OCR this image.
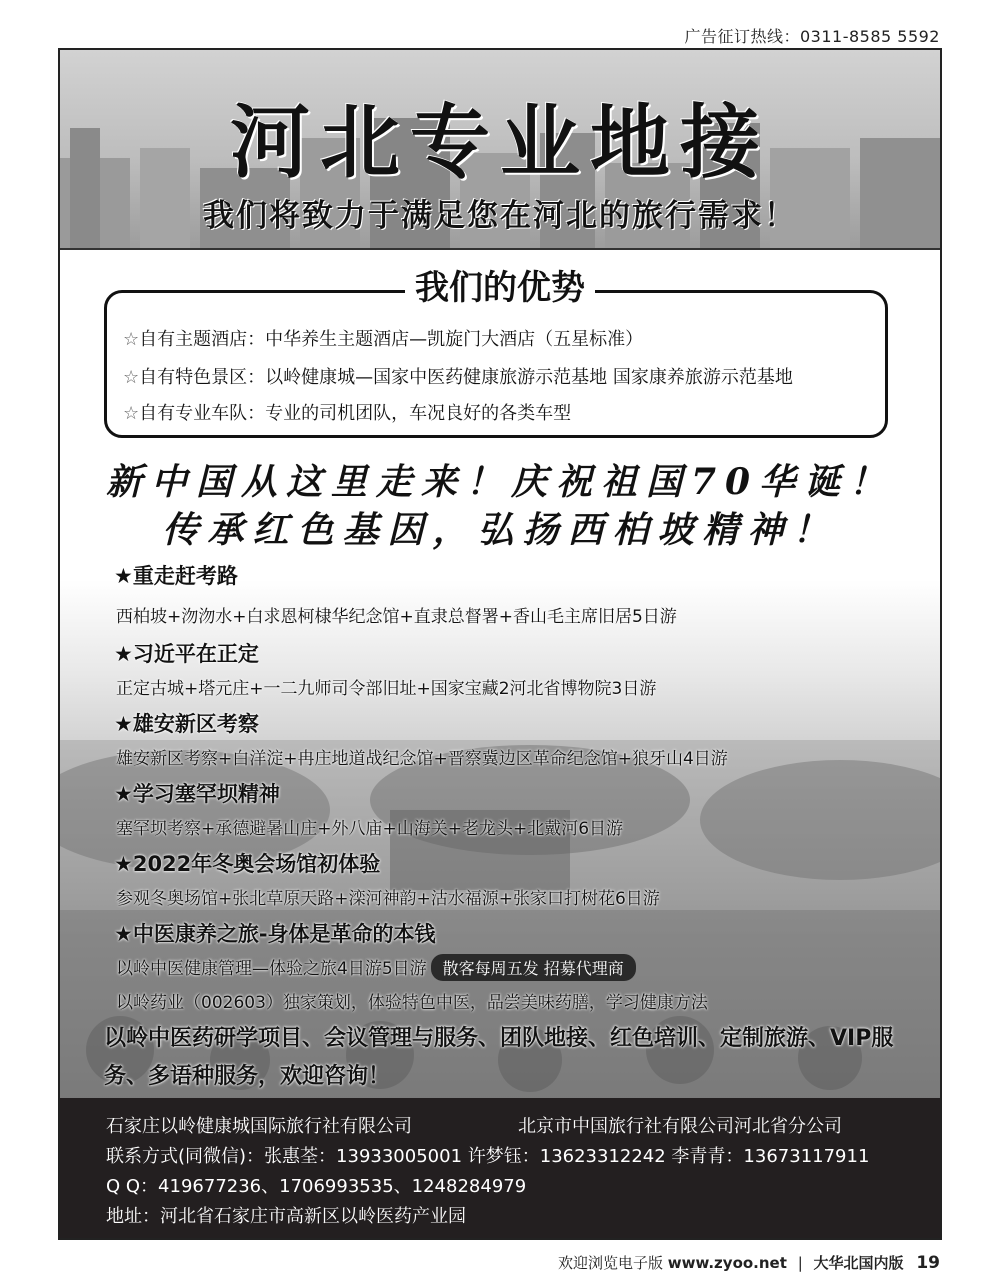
广告征订热线：0311-8585 5592
河北专业地接
我们将致力于满足您在河北的旅行需求！
☆自有主题酒店：中华养生主题酒店—凯旋门大酒店（五星标准）
☆自有特色景区：以岭健康城—国家中医药健康旅游示范基地 国家康养旅游示范基地
☆自有专业车队：专业的司机团队，车况良好的各类车型
我们的优势
新中国从这里走来！庆祝祖国70华诞！
传承红色基因，弘扬西柏坡精神！
★重走赶考路
西柏坡+沕沕水+白求恩柯棣华纪念馆+直隶总督署+香山毛主席旧居5日游
★习近平在正定
正定古城+塔元庄+一二九师司令部旧址+国家宝藏2河北省博物院3日游
★雄安新区考察
雄安新区考察+白洋淀+冉庄地道战纪念馆+晋察冀边区革命纪念馆+狼牙山4日游
★学习塞罕坝精神
塞罕坝考察+承德避暑山庄+外八庙+山海关+老龙头+北戴河6日游
★2022年冬奥会场馆初体验
参观冬奥场馆+张北草原天路+滦河神韵+沽水福源+张家口打树花6日游
★中医康养之旅-身体是革命的本钱
以岭中医健康管理—体验之旅4日游5日游 散客每周五发 招募代理商
以岭药业（002603）独家策划，体验特色中医，品尝美味药膳，学习健康方法
以岭中医药研学项目、会议管理与服务、团队地接、红色培训、定制旅游、VIP服务、多语种服务，欢迎咨询！
石家庄以岭健康城国际旅行社有限公司	北京市中国旅行社有限公司河北省分公司
联系方式(同微信)：张惠荃：13933005001 许梦钰：13623312242 李青青：13673117911
Q Q：419677236、1706993535、1248284979
地址：河北省石家庄市高新区以岭医药产业园
欢迎浏览电子版 www.zyoo.net | 大华北国内版 19
